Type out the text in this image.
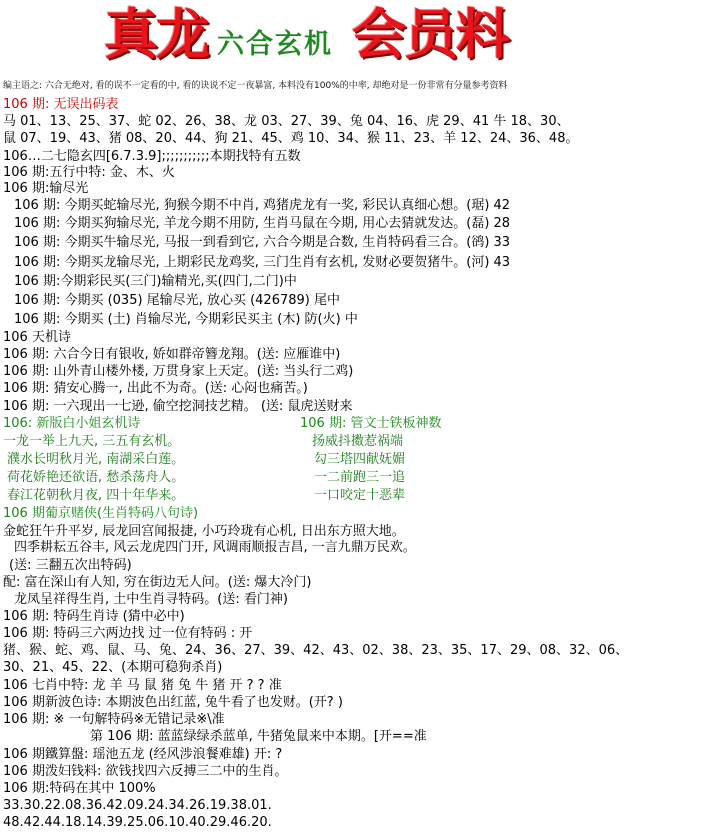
真龙 六合玄机 会员料
编主语之: 六合无绝对, 看的误不一定看的中, 看的诀说不定一夜暴富, 本料没有100%的中率, 却绝对是一份非常有分量参考资料
106 期: 无误出码表
马 01、13、25、37、蛇 02、26、38、龙 03、27、39、兔 04、16、虎 29、41 牛 18、30、
鼠 07、19、43、猪 08、20、44、狗 21、45、鸡 10、34、猴 11、23、羊 12、24、36、48。
106…二七隐玄四[6.7.3.9];;;;;;;;;;;本期找特有五数
106 期:五行中特: 金、木、火
106 期:输尽光
106 期: 今期买蛇输尽光, 狗猴今期不中肖, 鸡猪虎龙有一奖, 彩民认真细心想。(琚) 42
106 期: 今期买狗输尽光, 羊龙今期不用防, 生肖马鼠在今期, 用心去猜就发达。(磊) 28
106 期: 今期买牛输尽光, 马报一到看到它, 六合今期是合数, 生肖特码看三合。(鹆) 33
106 期: 今期买龙输尽光, 上期彩民龙鸡奖, 三门生肖有玄机, 发财必要贺猪牛。(河) 43
106 期:今期彩民买(三门)输精光,买(四门,二门)中
106 期: 今期买 (035) 尾输尽光, 放心买 (426789) 尾中
106 期: 今期买 (土) 肖输尽光, 今期彩民买主 (木) 防(火) 中
106 天机诗
106 期: 六合今日有银收, 娇如群帝簪龙翔。(送: 应雁谁中)
106 期: 山外青山楼外楼, 万贯身家上天定。(送: 当头行二鸡)
106 期: 猜安心腾一, 出此不为奇。(送: 心闷也痛苦。)
106 期: 一六现出一七逊, 偷空挖洞技艺精。 (送: 鼠虎送财来
106: 新版白小姐玄机诗	106 期: 管文士铁板神数
一龙一举上九天, 三五有玄机。	扬威抖擞惹祸端
濮水长明秋月光, 南湖采白莲。	勾三塔四献妩媚
荷花娇艳还欲语, 愁杀荡舟人。	一二前跑三一追
春江花朝秋月夜, 四十年华来。	一口咬定十恶辈
106 期葡京赌侠(生肖特码八句诗)
金蛇狂午升平岁, 辰龙回宫闻报捷, 小巧玲珑有心机, 日出东方照大地。
四季耕耘五谷丰, 风云龙虎四门开, 风调雨顺报吉昌, 一言九鼎万民欢。
(送: 三翻五次出特码)
配: 富在深山有人知, 穷在街边无人问。(送: 爆大冷门)
龙凤呈祥得生肖, 土中生肖寻特码。(送: 看门神)
106 期: 特码生肖诗 (猜中必中)
106 期: 特码三六两边找 过一位有特码 : 开
猪、猴、蛇、鸡、鼠、马、兔、24、36、27、39、42、43、02、38、23、35、17、29、08、32、06、
30、21、45、22、(本期可稳狗杀肖)
106 七肖中特: 龙 羊 马 鼠 猪 兔 牛 猪 开 ? ? 准
106 期新波色诗: 本期波色出红蓝, 兔牛看了也发财。(开? )
106 期: ※ 一句解特码※无错记录※\准
第 106 期: 蓝蓝绿绿杀蓝单, 牛猪兔鼠来中本期。[开==准
106 期鐵算盤: 瑶池五龙 (经风涉浪餐难雄) 开: ?
106 期泼妇钱料: 欲钱找四六反搏三二中的生肖。
106 期:特码在其中 100%
33.30.22.08.36.42.09.24.34.26.19.38.01.
48.42.44.18.14.39.25.06.10.40.29.46.20.
